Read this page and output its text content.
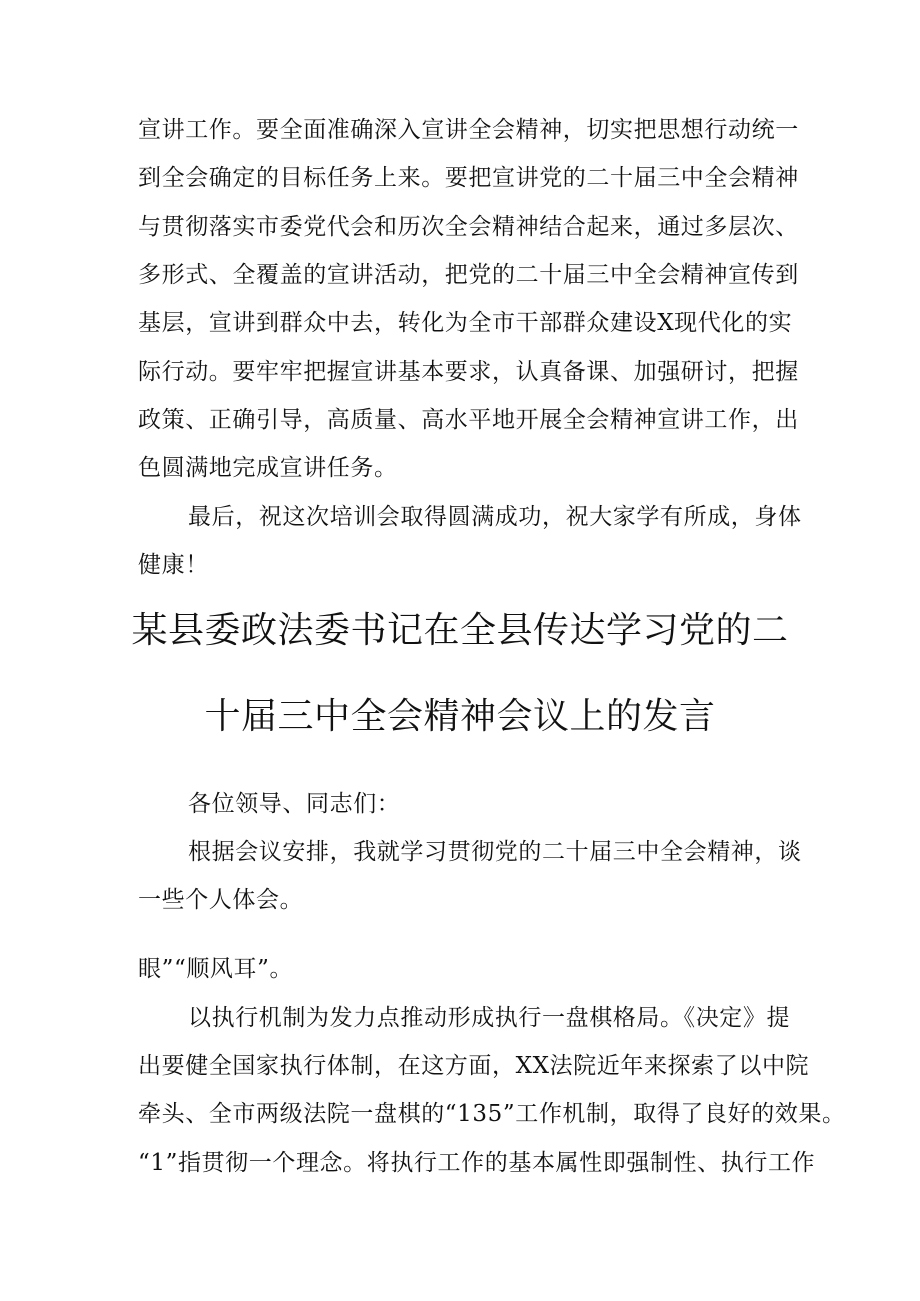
宣讲工作。要全面准确深入宣讲全会精神，切实把思想行动统一
到全会确定的目标任务上来。要把宣讲党的二十届三中全会精神
与贯彻落实市委党代会和历次全会精神结合起来，通过多层次、
多形式、全覆盖的宣讲活动，把党的二十届三中全会精神宣传到
基层，宣讲到群众中去，转化为全市干部群众建设X现代化的实
际行动。要牢牢把握宣讲基本要求，认真备课、加强研讨，把握
政策、正确引导，高质量、高水平地开展全会精神宣讲工作，出
色圆满地完成宣讲任务。
最后，祝这次培训会取得圆满成功，祝大家学有所成，身体
健康！
某县委政法委书记在全县传达学习党的二
十届三中全会精神会议上的发言
各位领导、同志们：
根据会议安排，我就学习贯彻党的二十届三中全会精神，谈
一些个人体会。
眼”“顺风耳”。
以执行机制为发力点推动形成执行一盘棋格局。《决定》提
出要健全国家执行体制，在这方面，XX法院近年来探索了以中院
牵头、全市两级法院一盘棋的“135”工作机制，取得了良好的效果。
“1”指贯彻一个理念。将执行工作的基本属性即强制性、执行工作
